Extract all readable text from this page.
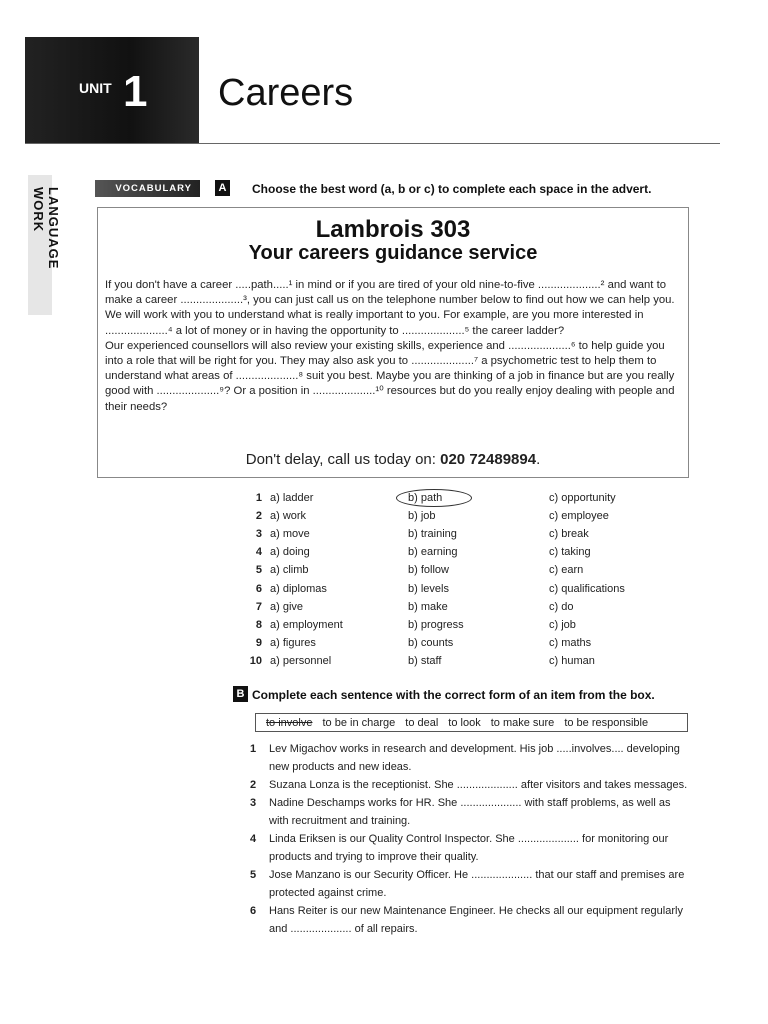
UNIT 1 Careers
LANGUAGE WORK	VOCABULARY	A Choose the best word (a, b or c) to complete each space in the advert.
Lambrois 303
Your careers guidance service

If you don't have a career .....path.....¹ in mind or if you are tired of your old nine-to-five ....................² and want to make a career ....................³, you can just call us on the telephone number below to find out how we can help you.

We will work with you to understand what is really important to you. For example, are you more interested in ....................⁴ a lot of money or in having the opportunity to ....................⁵ the career ladder?

Our experienced counsellors will also review your existing skills, experience and ....................⁶ to help guide you into a role that will be right for you. They may also ask you to ....................⁷ a psychometric test to help them to understand what areas of ....................⁸ suit you best. Maybe you are thinking of a job in finance but are you really good with ....................⁹? Or a position in ....................¹⁰ resources but do you really enjoy dealing with people and their needs?

Don't delay, call us today on: 020 72489894.
1 a) ladder	b) path	c) opportunity
2 a) work	b) job	c) employee
3 a) move	b) training	c) break
4 a) doing	b) earning	c) taking
5 a) climb	b) follow	c) earn
6 a) diplomas	b) levels	c) qualifications
7 a) give	b) make	c) do
8 a) employment	b) progress	c) job
9 a) figures	b) counts	c) maths
10 a) personnel	b) staff	c) human
B Complete each sentence with the correct form of an item from the box.
to involve to be in charge to deal to look to make sure to be responsible
1	Lev Migachov works in research and development. His job .....involves.... developing new products and new ideas.
2	Suzana Lonza is the receptionist. She .................... after visitors and takes messages.
3	Nadine Deschamps works for HR. She .................... with staff problems, as well as with recruitment and training.
4	Linda Eriksen is our Quality Control Inspector. She .................... for monitoring our products and trying to improve their quality.
5	Jose Manzano is our Security Officer. He .................... that our staff and premises are protected against crime.
6	Hans Reiter is our new Maintenance Engineer. He checks all our equipment regularly and .................... of all repairs.
